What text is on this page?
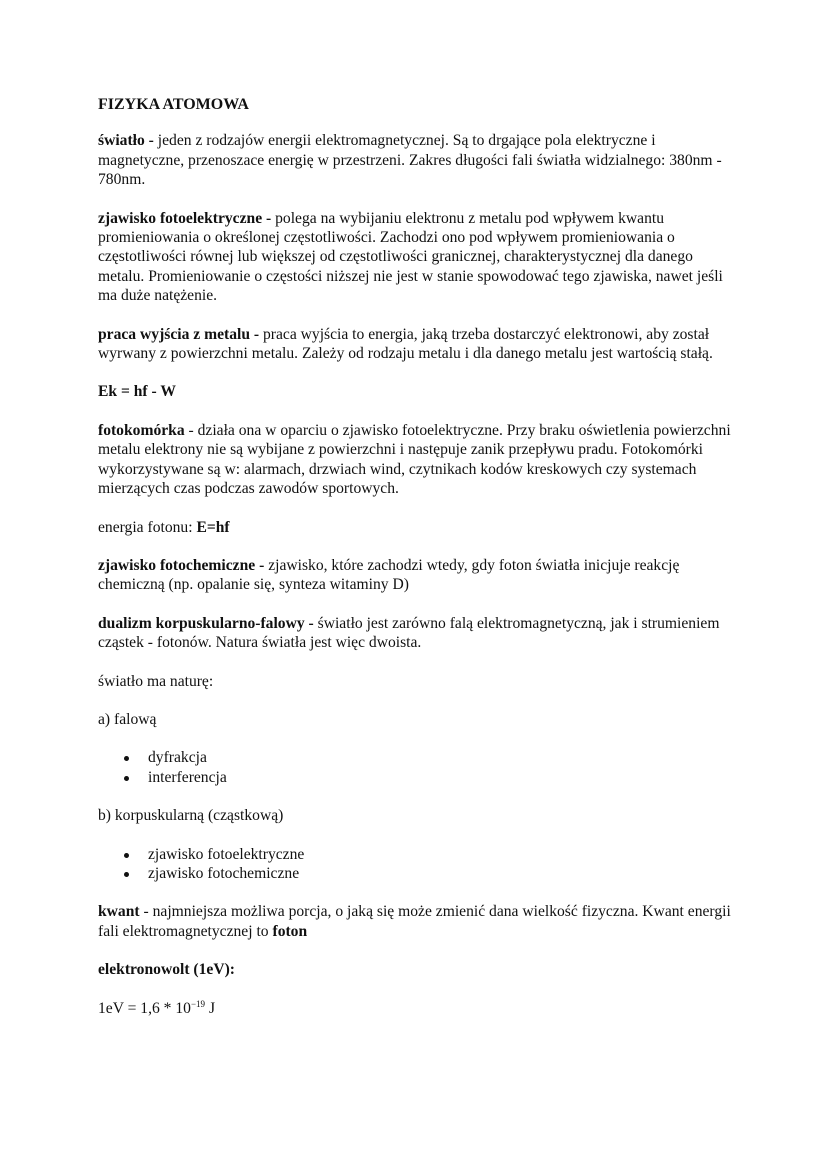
FIZYKA ATOMOWA

światło - jeden z rodzajów energii elektromagnetycznej. Są to drgające pola elektryczne i magnetyczne, przenoszace energię w przestrzeni. Zakres długości fali światła widzialnego: 380nm - 780nm.

zjawisko fotoelektryczne - polega na wybijaniu elektronu z metalu pod wpływem kwantu promieniowania o określonej częstotliwości. Zachodzi ono pod wpływem promieniowania o częstotliwości równej lub większej od częstotliwości granicznej, charakterystycznej dla danego metalu. Promieniowanie o częstości niższej nie jest w stanie spowodować tego zjawiska, nawet jeśli ma duże natężenie.

praca wyjścia z metalu - praca wyjścia to energia, jaką trzeba dostarczyć elektronowi, aby został wyrwany z powierzchni metalu. Zależy od rodzaju metalu i dla danego metalu jest wartością stałą.

Ek = hf - W

fotokomórka - działa ona w oparciu o zjawisko fotoelektryczne. Przy braku oświetlenia powierzchni metalu elektrony nie są wybijane z powierzchni i następuje zanik przepływu pradu. Fotokomórki wykorzystywane są w: alarmach, drzwiach wind, czytnikach kodów kreskowych czy systemach mierzących czas podczas zawodów sportowych.

energia fotonu: E=hf

zjawisko fotochemiczne - zjawisko, które zachodzi wtedy, gdy foton światła inicjuje reakcję chemiczną (np. opalanie się, synteza witaminy D)

dualizm korpuskularno-falowy - światło jest zarówno falą elektromagnetyczną, jak i strumieniem cząstek - fotonów. Natura światła jest więc dwoista.

światło ma naturę:

a) falową

dyfrakcja
interferencja

b) korpuskularną (cząstkową)

zjawisko fotoelektryczne
zjawisko fotochemiczne

kwant - najmniejsza możliwa porcja, o jaką się może zmienić dana wielkość fizyczna. Kwant energii fali elektromagnetycznej to foton

elektronowolt (1eV):

$1eV = 1,6 * 10^{-19}$ J
